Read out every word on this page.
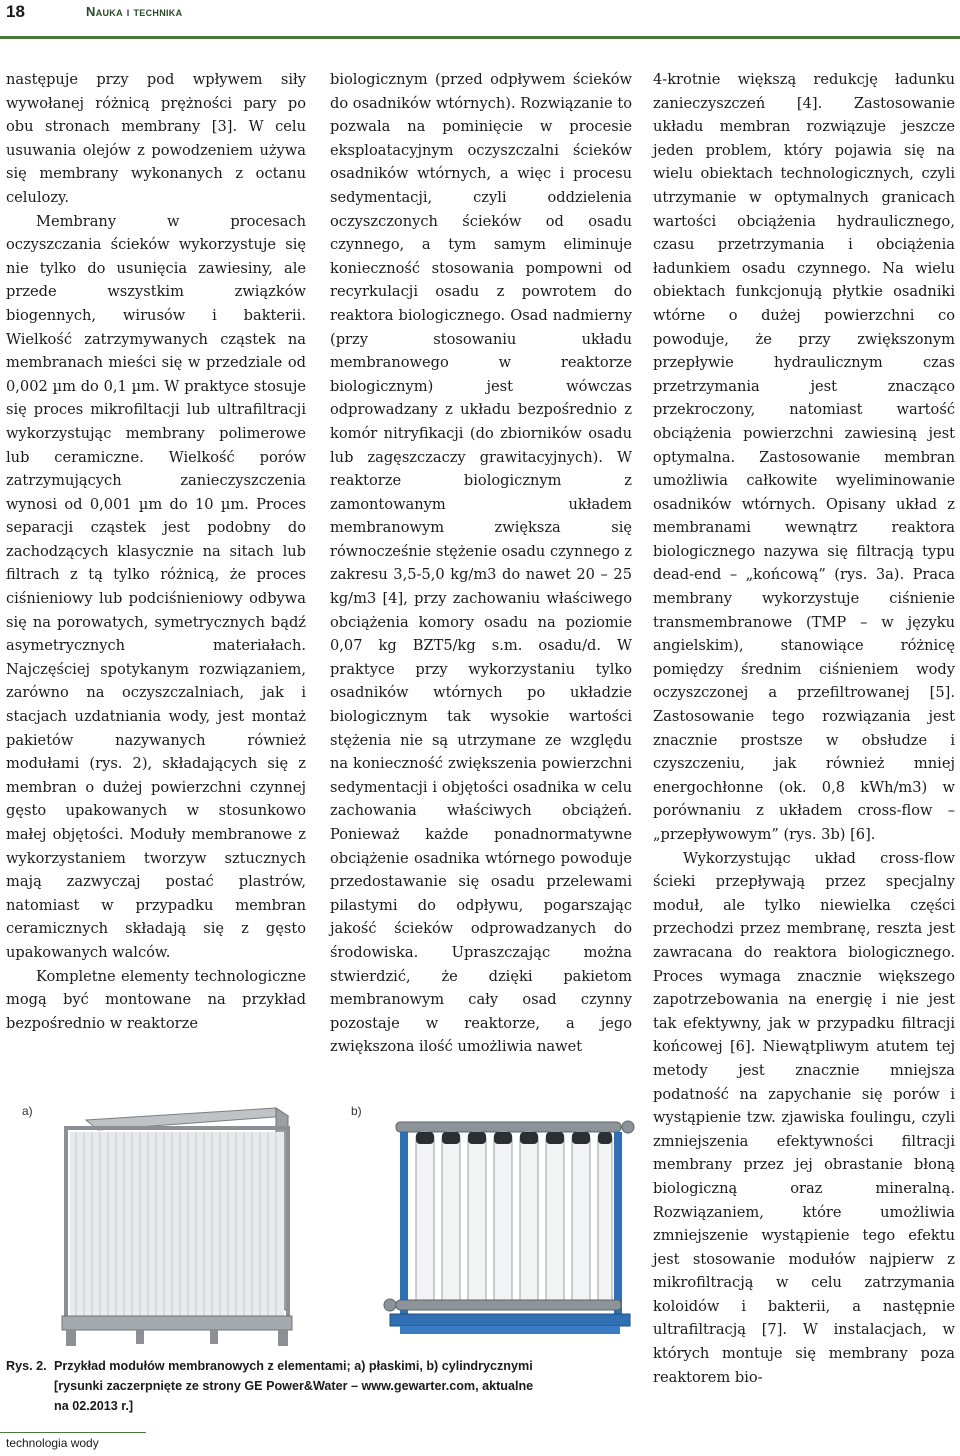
18	Nauka i technika

następuje przy pod wpływem siły wywołanej różnicą prężności pary po obu stronach membrany [3]. W celu usuwania olejów z powodzeniem używa się membrany wykonanych z octanu celulozy.

Membrany w procesach oczyszczania ścieków wykorzystuje się nie tylko do usunięcia zawiesiny, ale przede wszystkim związków biogennych, wirusów i bakterii. Wielkość zatrzymywanych cząstek na membranach mieści się w przedziale od 0,002 µm do 0,1 µm. W praktyce stosuje się proces mikrofiltacji lub ultrafiltracji wykorzystując membrany polimerowe lub ceramiczne. Wielkość porów zatrzymujących zanieczyszczenia wynosi od 0,001 µm do 10 µm. Proces separacji cząstek jest podobny do zachodzących klasycznie na sitach lub filtrach z tą tylko różnicą, że proces ciśnieniowy lub podciśnieniowy odbywa się na porowatych, symetrycznych bądź asymetrycznych materiałach. Najczęściej spotykanym rozwiązaniem, zarówno na oczyszczalniach, jak i stacjach uzdatniania wody, jest montaż pakietów nazywanych również modułami (rys. 2), składających się z membran o dużej powierzchni czynnej gęsto upakowanych w stosunkowo małej objętości. Moduły membranowe z wykorzystaniem tworzyw sztucznych mają zazwyczaj postać plastrów, natomiast w przypadku membran ceramicznych składają się z gęsto upakowanych walców.

Kompletne elementy technologiczne mogą być montowane na przykład bezpośrednio w reaktorze

biologicznym (przed odpływem ścieków do osadników wtórnych). Rozwiązanie to pozwala na pominięcie w procesie eksploatacyjnym oczyszczalni ścieków osadników wtórnych, a więc i procesu sedymentacji, czyli oddzielenia oczyszczonych ścieków od osadu czynnego, a tym samym eliminuje konieczność stosowania pompowni od recyrkulacji osadu z powrotem do reaktora biologicznego. Osad nadmierny (przy stosowaniu układu membranowego w reaktorze biologicznym) jest wówczas odprowadzany z układu bezpośrednio z komór nitryfikacji (do zbiorników osadu lub zagęszczaczy grawitacyjnych). W reaktorze biologicznym z zamontowanym układem membranowym zwiększa się równocześnie stężenie osadu czynnego z zakresu 3,5-5,0 kg/m3 do nawet 20 – 25 kg/m3 [4], przy zachowaniu właściwego obciążenia komory osadu na poziomie 0,07 kg BZT5/kg s.m. osadu/d. W praktyce przy wykorzystaniu tylko osadników wtórnych po układzie biologicznym tak wysokie wartości stężenia nie są utrzymane ze względu na konieczność zwiększenia powierzchni sedymentacji i objętości osadnika w celu zachowania właściwych obciążeń. Ponieważ każde ponadnormatywne obciążenie osadnika wtórnego powoduje przedostawanie się osadu przelewami pilastymi do odpływu, pogarszając jakość ścieków odprowadzanych do środowiska. Upraszczając można stwierdzić, że dzięki pakietom membranowym cały osad czynny pozostaje w reaktorze, a jego zwiększona ilość umożliwia nawet

4-krotnie większą redukcję ładunku zanieczyszczeń [4]. Zastosowanie układu membran rozwiązuje jeszcze jeden problem, który pojawia się na wielu obiektach technologicznych, czyli utrzymanie w optymalnych granicach wartości obciążenia hydraulicznego, czasu przetrzymania i obciążenia ładunkiem osadu czynnego. Na wielu obiektach funkcjonują płytkie osadniki wtórne o dużej powierzchni co powoduje, że przy zwiększonym przepływie hydraulicznym czas przetrzymania jest znacząco przekroczony, natomiast wartość obciążenia powierzchni zawiesiną jest optymalna. Zastosowanie membran umożliwia całkowite wyeliminowanie osadników wtórnych. Opisany układ z membranami wewnątrz reaktora biologicznego nazywa się filtracją typu dead-end – „końcową” (rys. 3a). Praca membrany wykorzystuje ciśnienie transmembranowe (TMP – w języku angielskim), stanowiące różnicę pomiędzy średnim ciśnieniem wody oczyszczonej a przefiltrowanej [5]. Zastosowanie tego rozwiązania jest znacznie prostsze w obsłudze i czyszczeniu, jak również mniej energochłonne (ok. 0,8 kWh/m3) w porównaniu z układem cross-flow – „przepływowym” (rys. 3b) [6].

Wykorzystując układ cross-flow ścieki przepływają przez specjalny moduł, ale tylko niewielka części przechodzi przez membranę, reszta jest zawracana do reaktora biologicznego. Proces wymaga znacznie większego zapotrzebowania na energię i nie jest tak efektywny, jak w przypadku filtracji końcowej [6]. Niewątpliwym atutem tej metody jest znacznie mniejsza podatność na zapychanie się porów i wystąpienie tzw. zjawiska foulingu, czyli zmniejszenia efektywności filtracji membrany przez jej obrastanie błoną biologiczną oraz mineralną. Rozwiązaniem, które umożliwia zmniejszenie wystąpienie tego efektu jest stosowanie modułów najpierw z mikrofiltracją w celu zatrzymania koloidów i bakterii, a następnie ultrafiltracją [7]. W instalacjach, w których montuje się membrany poza reaktorem bio-

a)	b)
Rys. 2. Przykład modułów membranowych z elementami; a) płaskimi, b) cylindrycznymi
[rysunki zaczerpnięte ze strony GE Power&Water – www.gewarter.com, aktualne
na 02.2013 r.]
technologia wody
